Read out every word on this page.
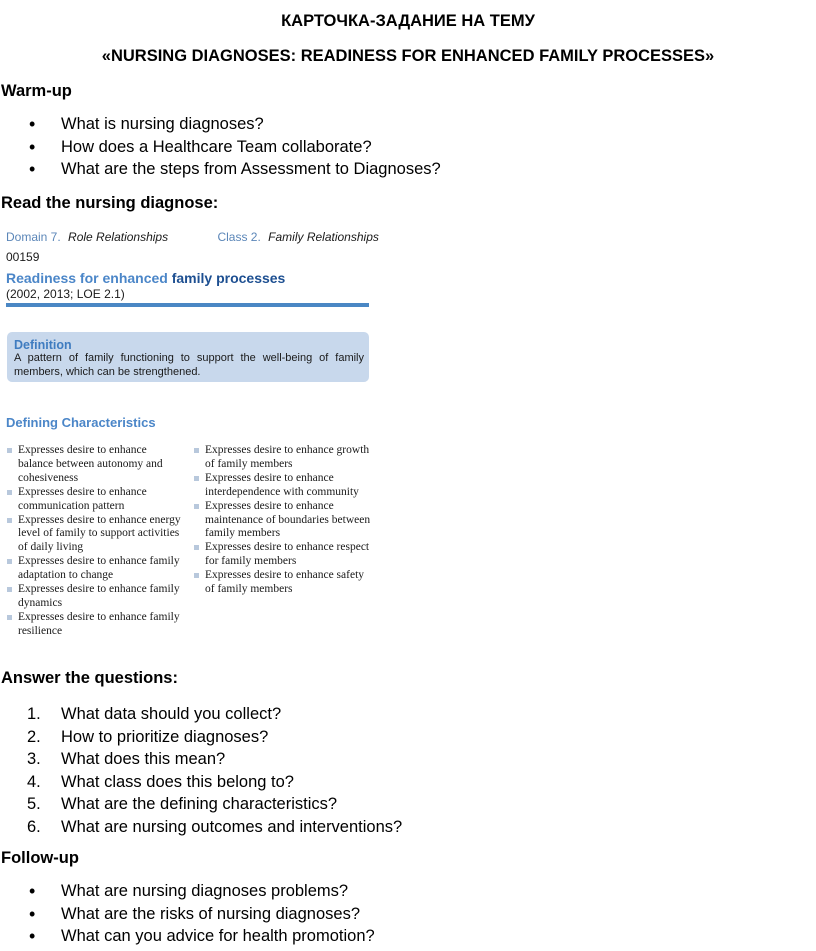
КАРТОЧКА-ЗАДАНИЕ НА ТЕМУ
«NURSING DIAGNOSES: READINESS FOR ENHANCED FAMILY PROCESSES»
Warm-up
• What is nursing diagnoses?
• How does a Healthcare Team collaborate?
• What are the steps from Assessment to Diagnoses?
Read the nursing diagnose:
Domain 7. Role Relationships	Class 2. Family Relationships
00159
Readiness for enhanced family processes
(2002, 2013; LOE 2.1)
Definition
A pattern of family functioning to support the well-being of family members, which can be strengthened.
Defining Characteristics
Expresses desire to enhance balance between autonomy and cohesiveness
Expresses desire to enhance communication pattern
Expresses desire to enhance energy level of family to support activities of daily living
Expresses desire to enhance family adaptation to change
Expresses desire to enhance family dynamics
Expresses desire to enhance family resilience
Expresses desire to enhance growth of family members
Expresses desire to enhance interdependence with community
Expresses desire to enhance maintenance of boundaries between family members
Expresses desire to enhance respect for family members
Expresses desire to enhance safety of family members
Answer the questions:
1. What data should you collect?
2. How to prioritize diagnoses?
3. What does this mean?
4. What class does this belong to?
5. What are the defining characteristics?
6. What are nursing outcomes and interventions?
Follow-up
• What are nursing diagnoses problems?
• What are the risks of nursing diagnoses?
• What can you advice for health promotion?
